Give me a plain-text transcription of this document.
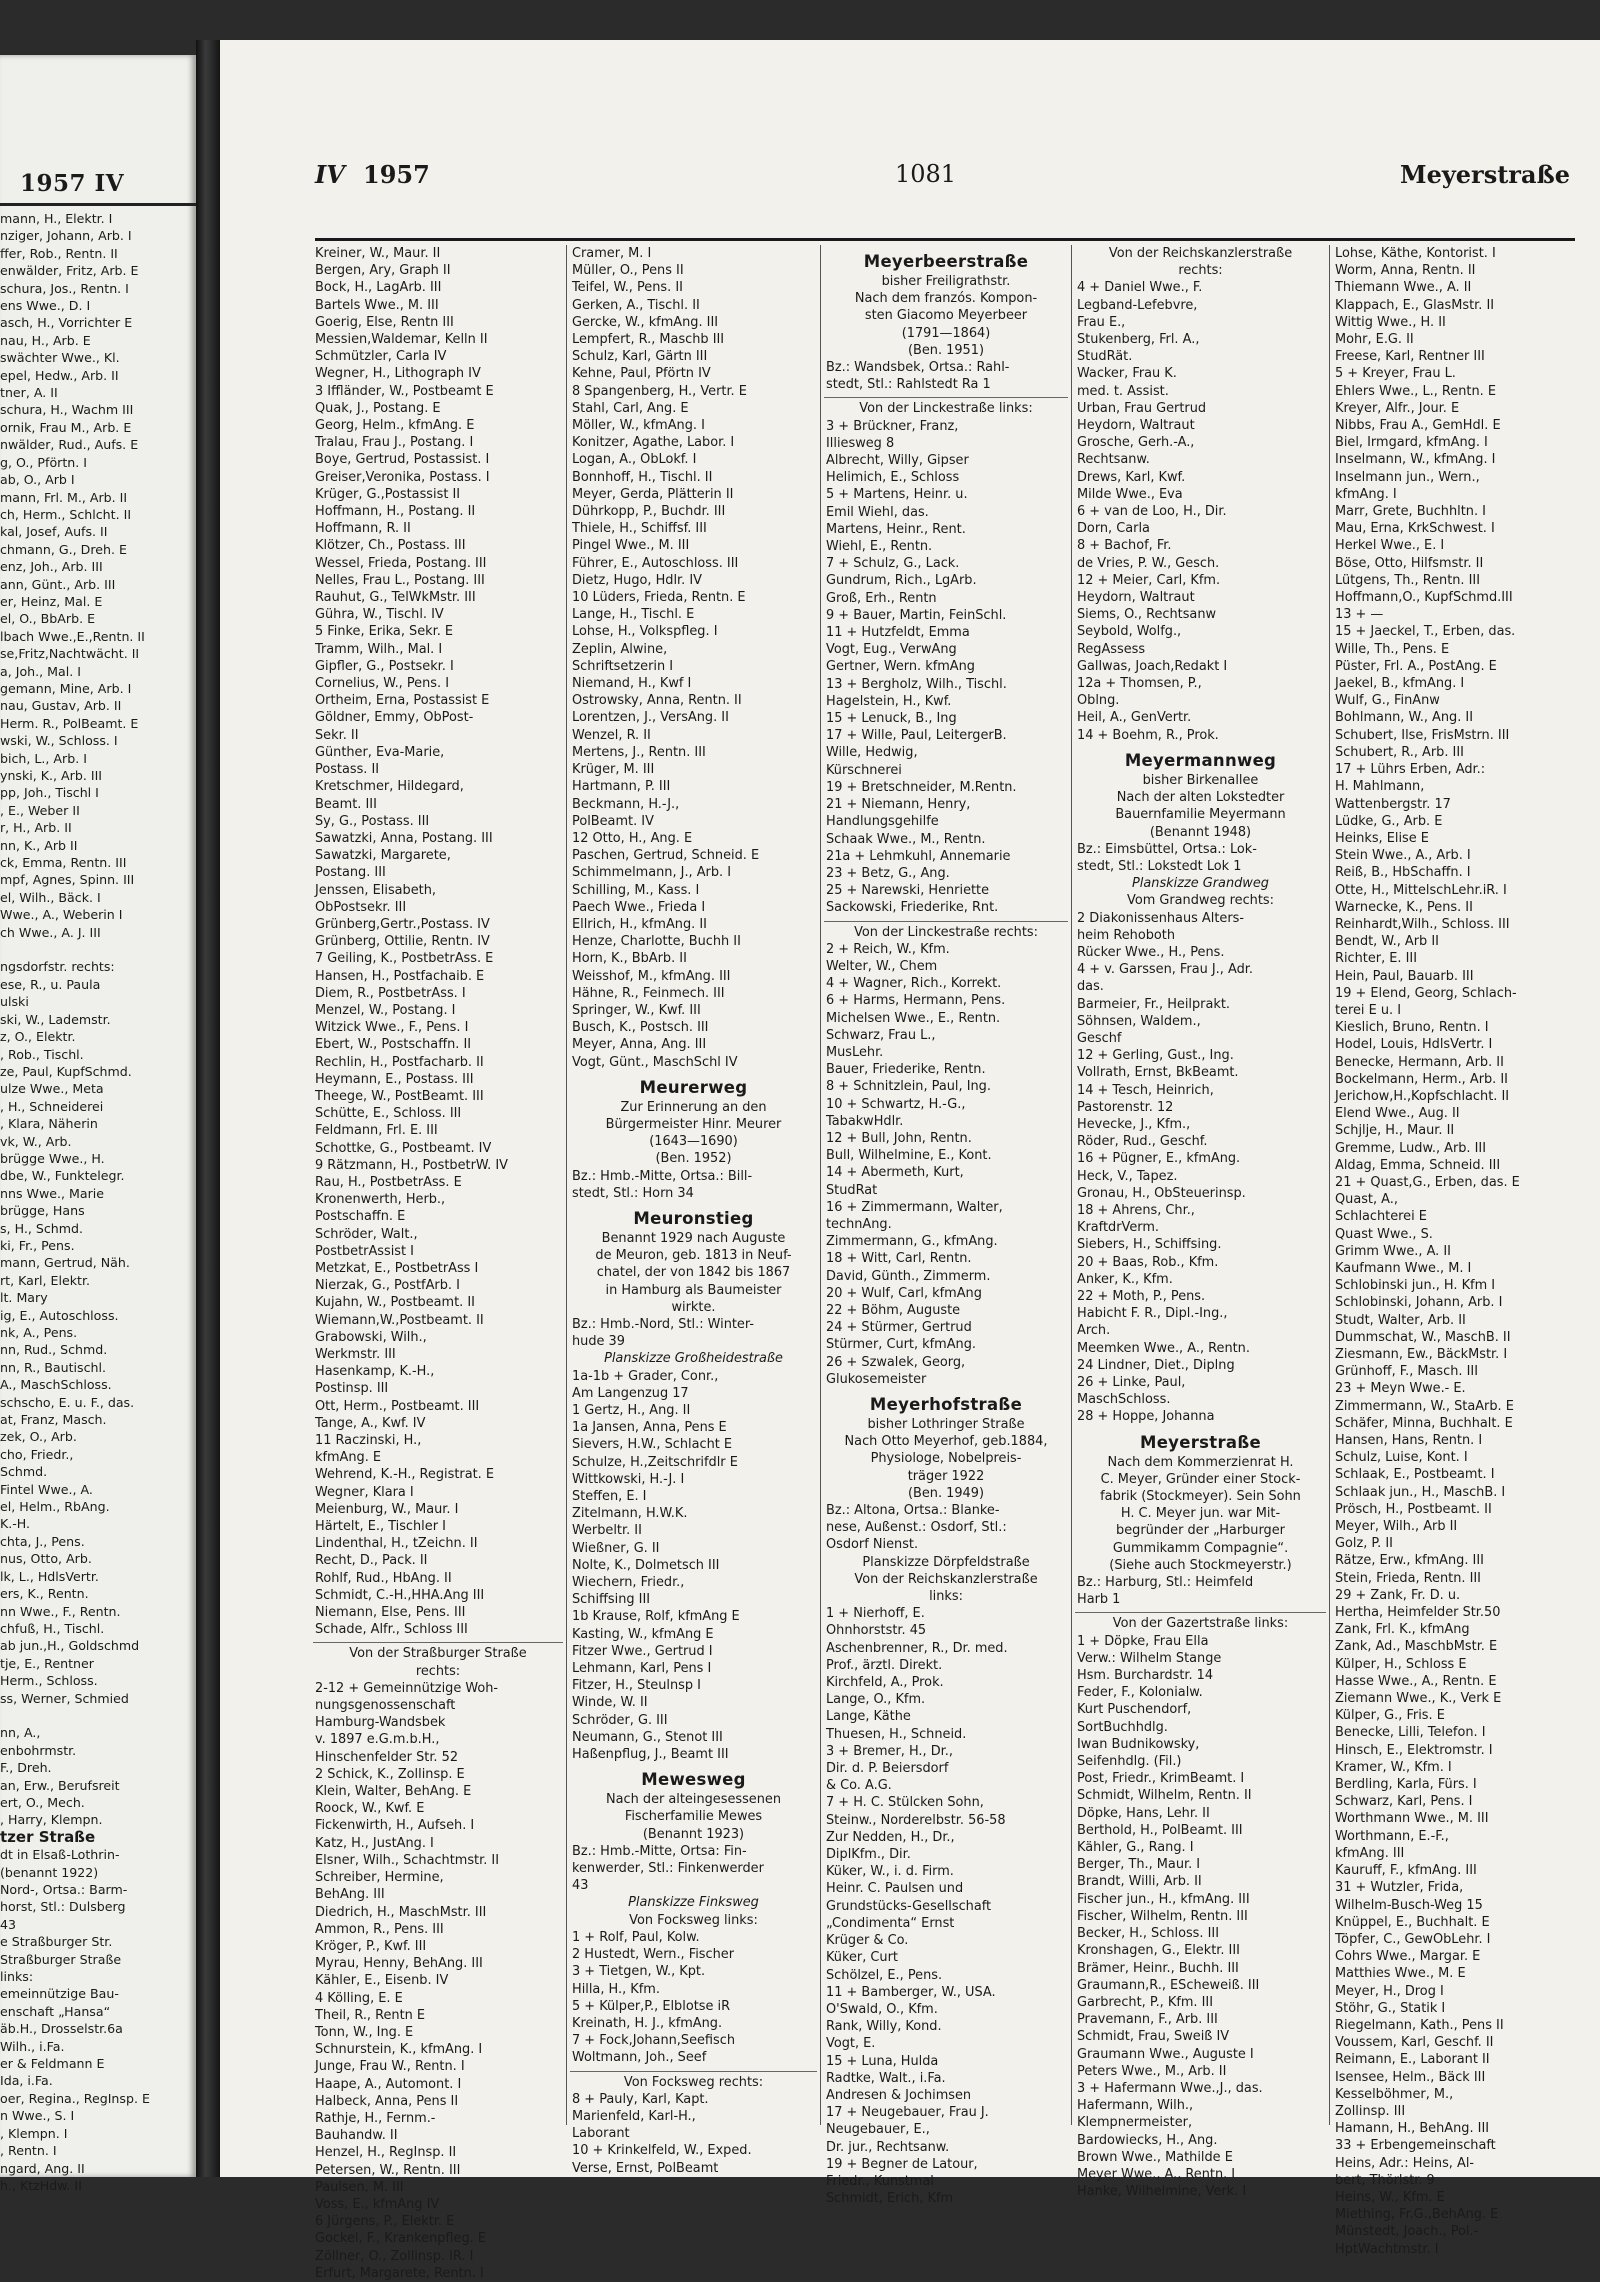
1957 IV
mann, H., Elektr. I
nziger, Johann, Arb. I
ffer, Rob., Rentn. II
enwälder, Fritz, Arb. E
schura, Jos., Rentn. I
ens Wwe., D. I
asch, H., Vorrichter E
nau, H., Arb. E
swächter Wwe., Kl.
epel, Hedw., Arb. II
tner, A. II
schura, H., Wachm III
ornik, Frau M., Arb. E
nwälder, Rud., Aufs. E
g, O., Pförtn. I
ab, O., Arb I
mann, Frl. M., Arb. II
ch, Herm., Schlcht. II
kal, Josef, Aufs. II
chmann, G., Dreh. E
enz, Joh., Arb. III
ann, Günt., Arb. III
er, Heinz, Mal. E
el, O., BbArb. E
lbach Wwe.,E.,Rentn. II
se,Fritz,Nachtwächt. II
a, Joh., Mal. I
gemann, Mine, Arb. I
nau, Gustav, Arb. II
Herm. R., PolBeamt. E
wski, W., Schloss. I
bich, L., Arb. I
ynski, K., Arb. III
pp, Joh., Tischl I
, E., Weber II
r, H., Arb. II
nn, K., Arb II
ck, Emma, Rentn. III
mpf, Agnes, Spinn. III
el, Wilh., Bäck. I
Wwe., A., Weberin I
ch Wwe., A. J. III

ngsdorfstr. rechts:
ese, R., u. Paula
ulski
ski, W., Lademstr.
z, O., Elektr.
, Rob., Tischl.
ze, Paul, KupfSchmd.
ulze Wwe., Meta
, H., Schneiderei
, Klara, Näherin
vk, W., Arb.
brügge Wwe., H.
dbe, W., Funktelegr.
nns Wwe., Marie
brügge, Hans
s, H., Schmd.
ki, Fr., Pens.
mann, Gertrud, Näh.
rt, Karl, Elektr.
lt. Mary
ig, E., Autoschloss.
nk, A., Pens.
nn, Rud., Schmd.
nn, R., Bautischl.
A., MaschSchloss.
schscho, E. u. F., das.
at, Franz, Masch.
zek, O., Arb.
cho, Friedr.,
Schmd.
Fintel Wwe., A.
el, Helm., RbAng.
K.-H.
chta, J., Pens.
nus, Otto, Arb.
lk, L., HdlsVertr.
ers, K., Rentn.
nn Wwe., F., Rentn.
chfuß, H., Tischl.
ab jun.,H., Goldschmd
tje, E., Rentner
Herm., Schloss.
ss, Werner, Schmied

nn, A.,
enbohrmstr.
F., Dreh.
an, Erw., Berufsreit
ert, O., Mech.
, Harry, Klempn.
tzer Straße
dt in Elsaß-Lothrin-
(benannt 1922)
Nord-, Ortsa.: Barm-
horst, Stl.: Dulsberg
43
e Straßburger Str.
Straßburger Straße
links:
emeinnützige Bau-
enschaft „Hansa“
äb.H., Drosselstr.6a
Wilh., i.Fa.
er & Feldmann E
Ida, i.Fa.
oer, Regina., RegInsp. E
n Wwe., S. I
, Klempn. I
, Rentn. I
ngard, Ang. II
h., KtzHdw. II
IV 1957	1081	Meyerstraße
Kreiner, W., Maur. II
Bergen, Ary, Graph II
Bock, H., LagArb. III
Bartels Wwe., M. III
Goerig, Else, Rentn III
Messien,Waldemar, Kelln II
Schmützler, Carla IV
Wegner, H., Lithograph IV
3 Iffländer, W., Postbeamt E
Quak, J., Postang. E
Georg, Helm., kfmAng. E
Tralau, Frau J., Postang. I
Boye, Gertrud, Postassist. I
Greiser,Veronika, Postass. I
Krüger, G.,Postassist II
Hoffmann, H., Postang. II
Hoffmann, R. II
Klötzer, Ch., Postass. III
Wessel, Frieda, Postang. III
Nelles, Frau L., Postang. III
Rauhut, G., TelWkMstr. III
Gühra, W., Tischl. IV
5 Finke, Erika, Sekr. E
Tramm, Wilh., Mal. I
Gipfler, G., Postsekr. I
Cornelius, W., Pens. I
Ortheim, Erna, Postassist E
Göldner, Emmy, ObPost-
Sekr. II
Günther, Eva-Marie,
Postass. II
Kretschmer, Hildegard,
Beamt. III
Sy, G., Postass. III
Sawatzki, Anna, Postang. III
Sawatzki, Margarete,
Postang. III
Jenssen, Elisabeth,
ObPostsekr. III
Grünberg,Gertr.,Postass. IV
Grünberg, Ottilie, Rentn. IV
7 Geiling, K., PostbetrAss. E
Hansen, H., Postfachaib. E
Diem, R., PostbetrAss. I
Menzel, W., Postang. I
Witzick Wwe., F., Pens. I
Ebert, W., Postschaffn. II
Rechlin, H., Postfacharb. II
Heymann, E., Postass. III
Theege, W., PostBeamt. III
Schütte, E., Schloss. III
Feldmann, Frl. E. III
Schottke, G., Postbeamt. IV
9 Rätzmann, H., PostbetrW. IV
Rau, H., PostbetrAss. E
Kronenwerth, Herb.,
Postschaffn. E
Schröder, Walt.,
PostbetrAssist I
Metzkat, E., PostbetrAss I
Nierzak, G., PostfArb. I
Kujahn, W., Postbeamt. II
Wiemann,W.,Postbeamt. II
Grabowski, Wilh.,
Werkmstr. III
Hasenkamp, K.-H.,
Postinsp. III
Ott, Herm., Postbeamt. III
Tange, A., Kwf. IV
11 Raczinski, H.,
kfmAng. E
Wehrend, K.-H., Registrat. E
Wegner, Klara I
Meienburg, W., Maur. I
Härtelt, E., Tischler I
Lindenthal, H., tZeichn. II
Recht, D., Pack. II
Rohlf, Rud., HbAng. II
Schmidt, C.-H.,HHA.Ang III
Niemann, Else, Pens. III
Schade, Alfr., Schloss III
Von der Straßburger Straße
rechts:
2-12 + Gemeinnützige Woh-
nungsgenossenschaft
Hamburg-Wandsbek
v. 1897 e.G.m.b.H.,
Hinschenfelder Str. 52
2 Schick, K., Zollinsp. E
Klein, Walter, BehAng. E
Roock, W., Kwf. E
Fickenwirth, H., Aufseh. I
Katz, H., JustAng. I
Elsner, Wilh., Schachtmstr. II
Schreiber, Hermine,
BehAng. III
Diedrich, H., MaschMstr. III
Ammon, R., Pens. III
Kröger, P., Kwf. III
Myrau, Henny, BehAng. III
Kähler, E., Eisenb. IV
4 Kölling, E. E
Theil, R., Rentn E
Tonn, W., Ing. E
Schnurstein, K., kfmAng. I
Junge, Frau W., Rentn. I
Haape, A., Automont. I
Halbeck, Anna, Pens II
Rathje, H., Fernm.-
Bauhandw. II
Henzel, H., RegInsp. II
Petersen, W., Rentn. III
Paulsen, M. III
Voss, E., kfmAng IV
6 Jürgens, P., Elektr. E
Gockel, F., Krankenpfleg. E
Zöllner, O., Zollinsp. IR. I
Erfurt, Margarete, Rentn. I
Cramer, M. I
Müller, O., Pens II
Teifel, W., Pens. II
Gerken, A., Tischl. II
Gercke, W., kfmAng. III
Lempfert, R., Maschb III
Schulz, Karl, Gärtn III
Kehne, Paul, Pförtn IV
8 Spangenberg, H., Vertr. E
Stahl, Carl, Ang. E
Möller, W., kfmAng. I
Konitzer, Agathe, Labor. I
Logan, A., ObLokf. I
Bonnhoff, H., Tischl. II
Meyer, Gerda, Plätterin II
Dührkopp, P., Buchdr. III
Thiele, H., Schiffsf. III
Pingel Wwe., M. III
Führer, E., Autoschloss. III
Dietz, Hugo, Hdlr. IV
10 Lüders, Frieda, Rentn. E
Lange, H., Tischl. E
Lohse, H., Volkspfleg. I
Zeplin, Alwine,
Schriftsetzerin I
Niemand, H., Kwf I
Ostrowsky, Anna, Rentn. II
Lorentzen, J., VersAng. II
Wenzel, R. II
Mertens, J., Rentn. III
Krüger, M. III
Hartmann, P. III
Beckmann, H.-J.,
PolBeamt. IV
12 Otto, H., Ang. E
Paschen, Gertrud, Schneid. E
Schimmelmann, J., Arb. I
Schilling, M., Kass. I
Paech Wwe., Frieda I
Ellrich, H., kfmAng. II
Henze, Charlotte, Buchh II
Horn, K., BbArb. II
Weisshof, M., kfmAng. III
Hähne, R., Feinmech. III
Springer, W., Kwf. III
Busch, K., Postsch. III
Meyer, Anna, Ang. III
Vogt, Günt., MaschSchl IV
Meurerweg
Zur Erinnerung an den
Bürgermeister Hinr. Meurer
(1643—1690)
(Ben. 1952)
Bz.: Hmb.-Mitte, Ortsa.: Bill-
stedt, Stl.: Horn 34
Meuronstieg
Benannt 1929 nach Auguste
de Meuron, geb. 1813 in Neuf-
chatel, der von 1842 bis 1867
in Hamburg als Baumeister
wirkte.
Bz.: Hmb.-Nord, Stl.: Winter-
hude 39
Planskizze Großheidestraße
1a-1b + Grader, Conr.,
Am Langenzug 17
1 Gertz, H., Ang. II
1a Jansen, Anna, Pens E
Sievers, H.W., Schlacht E
Schulze, H.,Zeitschrifdlr E
Wittkowski, H.-J. I
Steffen, E. I
Zitelmann, H.W.K.
Werbeltr. II
Wießner, G. II
Nolte, K., Dolmetsch III
Wiechern, Friedr.,
Schiffsing III
1b Krause, Rolf, kfmAng E
Kasting, W., kfmAng E
Fitzer Wwe., Gertrud I
Lehmann, Karl, Pens I
Fitzer, H., Steulnsp I
Winde, W. II
Schröder, G. III
Neumann, G., Stenot III
Haßenpflug, J., Beamt III
Mewesweg
Nach der alteingesessenen
Fischerfamilie Mewes
(Benannt 1923)
Bz.: Hmb.-Mitte, Ortsa: Fin-
kenwerder, Stl.: Finkenwerder
43
Planskizze Finksweg
Von Focksweg links:
1 + Rolf, Paul, Kolw.
2 Hustedt, Wern., Fischer
3 + Tietgen, W., Kpt.
Hilla, H., Kfm.
5 + Külper,P., Elblotse iR
Kreinath, H. J., kfmAng.
7 + Fock,Johann,Seefisch
Woltmann, Joh., Seef
Von Focksweg rechts:
8 + Pauly, Karl, Kapt.
Marienfeld, Karl-H.,
Laborant
10 + Krinkelfeld, W., Exped.
Verse, Ernst, PolBeamt
Meyerbeerstraße
bisher Freiligrathstr.
Nach dem franzós. Kompon-
sten Giacomo Meyerbeer
(1791—1864)
(Ben. 1951)
Bz.: Wandsbek, Ortsa.: Rahl-
stedt, Stl.: Rahlstedt Ra 1
Von der Linckestraße links:
3 + Brückner, Franz,
Illiesweg 8
Albrecht, Willy, Gipser
Helimich, E., Schloss
5 + Martens, Heinr. u.
Emil Wiehl, das.
Martens, Heinr., Rent.
Wiehl, E., Rentn.
7 + Schulz, G., Lack.
Gundrum, Rich., LgArb.
Groß, Erh., Rentn
9 + Bauer, Martin, FeinSchl.
11 + Hutzfeldt, Emma
Vogt, Eug., VerwAng
Gertner, Wern. kfmAng
13 + Bergholz, Wilh., Tischl.
Hagelstein, H., Kwf.
15 + Lenuck, B., Ing
17 + Wille, Paul, LeitergerB.
Wille, Hedwig,
Kürschnerei
19 + Bretschneider, M.Rentn.
21 + Niemann, Henry,
Handlungsgehilfe
Schaak Wwe., M., Rentn.
21a + Lehmkuhl, Annemarie
23 + Betz, G., Ang.
25 + Narewski, Henriette
Sackowski, Friederike, Rnt.
Von der Linckestraße rechts:
2 + Reich, W., Kfm.
Welter, W., Chem
4 + Wagner, Rich., Korrekt.
6 + Harms, Hermann, Pens.
Michelsen Wwe., E., Rentn.
Schwarz, Frau L.,
MusLehr.
Bauer, Friederike, Rentn.
8 + Schnitzlein, Paul, Ing.
10 + Schwartz, H.-G.,
TabakwHdlr.
12 + Bull, John, Rentn.
Bull, Wilhelmine, E., Kont.
14 + Abermeth, Kurt,
StudRat
16 + Zimmermann, Walter,
technAng.
Zimmermann, G., kfmAng.
18 + Witt, Carl, Rentn.
David, Günth., Zimmerm.
20 + Wulf, Carl, kfmAng
22 + Böhm, Auguste
24 + Stürmer, Gertrud
Stürmer, Curt, kfmAng.
26 + Szwalek, Georg,
Glukosemeister
Meyerhofstraße
bisher Lothringer Straße
Nach Otto Meyerhof, geb.1884,
Physiologe, Nobelpreis-
träger 1922
(Ben. 1949)
Bz.: Altona, Ortsa.: Blanke-
nese, Außenst.: Osdorf, Stl.:
Osdorf Nienst.
Planskizze Dörpfeldstraße
Von der Reichskanzlerstraße
links:
1 + Nierhoff, E.
Ohnhorststr. 45
Aschenbrenner, R., Dr. med.
Prof., ärztl. Direkt.
Kirchfeld, A., Prok.
Lange, O., Kfm.
Lange, Käthe
Thuesen, H., Schneid.
3 + Bremer, H., Dr.,
Dir. d. P. Beiersdorf
& Co. A.G.
7 + H. C. Stülcken Sohn,
Steinw., Norderelbstr. 56-58
Zur Nedden, H., Dr.,
DiplKfm., Dir.
Küker, W., i. d. Firm.
Heinr. C. Paulsen und
Grundstücks-Gesellschaft
„Condimenta“ Ernst
Krüger & Co.
Küker, Curt
Schölzel, E., Pens.
11 + Bamberger, W., USA.
O'Swald, O., Kfm.
Rank, Willy, Kond.
Vogt, E.
15 + Luna, Hulda
Radtke, Walt., i.Fa.
Andresen & Jochimsen
17 + Neugebauer, Frau J.
Neugebauer, E.,
Dr. jur., Rechtsanw.
19 + Begner de Latour,
Friedr., Kunstmal
Schmidt, Erich, Kfm
Von der Reichskanzlerstraße
rechts:
4 + Daniel Wwe., F.
Legband-Lefebvre,
Frau E.,
Stukenberg, Frl. A.,
StudRät.
Wacker, Frau K.
med. t. Assist.
Urban, Frau Gertrud
Heydorn, Waltraut
Grosche, Gerh.-A.,
Rechtsanw.
Drews, Karl, Kwf.
Milde Wwe., Eva
6 + van de Loo, H., Dir.
Dorn, Carla
8 + Bachof, Fr.
de Vries, P. W., Gesch.
12 + Meier, Carl, Kfm.
Heydorn, Waltraut
Siems, O., Rechtsanw
Seybold, Wolfg.,
RegAssess
Gallwas, Joach,Redakt I
12a + Thomsen, P.,
Oblng.
Heil, A., GenVertr.
14 + Boehm, R., Prok.
Meyermannweg
bisher Birkenallee
Nach der alten Lokstedter
Bauernfamilie Meyermann
(Benannt 1948)
Bz.: Eimsbüttel, Ortsa.: Lok-
stedt, Stl.: Lokstedt Lok 1
Planskizze Grandweg
Vom Grandweg rechts:
2 Diakonissenhaus Alters-
heim Rehoboth
Rücker Wwe., H., Pens.
4 + v. Garssen, Frau J., Adr.
das.
Barmeier, Fr., Heilprakt.
Söhnsen, Waldem.,
Geschf
12 + Gerling, Gust., Ing.
Vollrath, Ernst, BkBeamt.
14 + Tesch, Heinrich,
Pastorenstr. 12
Hevecke, J., Kfm.,
Röder, Rud., Geschf.
16 + Pügner, E., kfmAng.
Heck, V., Tapez.
Gronau, H., ObSteuerinsp.
18 + Ahrens, Chr.,
KraftdrVerm.
Siebers, H., Schiffsing.
20 + Baas, Rob., Kfm.
Anker, K., Kfm.
22 + Moth, P., Pens.
Habicht F. R., Dipl.-Ing.,
Arch.
Meemken Wwe., A., Rentn.
24 Lindner, Diet., Diplng
26 + Linke, Paul,
MaschSchloss.
28 + Hoppe, Johanna
Meyerstraße
Nach dem Kommerzienrat H.
C. Meyer, Gründer einer Stock-
fabrik (Stockmeyer). Sein Sohn
H. C. Meyer jun. war Mit-
begründer der „Harburger
Gummikamm Compagnie“.
(Siehe auch Stockmeyerstr.)
Bz.: Harburg, Stl.: Heimfeld
Harb 1
Von der Gazertstraße links:
1 + Döpke, Frau Ella
Verw.: Wilhelm Stange
Hsm. Burchardstr. 14
Feder, F., Kolonialw.
Kurt Puschendorf,
SortBuchhdlg.
Iwan Budnikowsky,
Seifenhdlg. (Fil.)
Post, Friedr., KrimBeamt. I
Schmidt, Wilhelm, Rentn. II
Döpke, Hans, Lehr. II
Berthold, H., PolBeamt. III
Kähler, G., Rang. I
Berger, Th., Maur. I
Brandt, Willi, Arb. II
Fischer jun., H., kfmAng. III
Fischer, Wilhelm, Rentn. III
Becker, H., Schloss. III
Kronshagen, G., Elektr. III
Brämer, Heinr., Buchh. III
Graumann,R., EScheweiß. III
Garbrecht, P., Kfm. III
Pravemann, F., Arb. III
Schmidt, Frau, Sweiß IV
Graumann Wwe., Auguste I
Peters Wwe., M., Arb. II
3 + Hafermann Wwe.,J., das.
Hafermann, Wilh.,
Klempnermeister,
Bardowiecks, H., Ang.
Brown Wwe., Mathilde E
Meyer Wwe., A., Rentn. I
Hanke, Wilhelmine, Verk. I
Lohse, Käthe, Kontorist. I
Worm, Anna, Rentn. II
Thiemann Wwe., A. II
Klappach, E., GlasMstr. II
Wittig Wwe., H. II
Mohr, E.G. II
Freese, Karl, Rentner III
5 + Kreyer, Frau L.
Ehlers Wwe., L., Rentn. E
Kreyer, Alfr., Jour. E
Nibbs, Frau A., GemHdl. E
Biel, Irmgard, kfmAng. I
Inselmann, W., kfmAng. I
Inselmann jun., Wern.,
kfmAng. I
Marr, Grete, Buchhltn. I
Mau, Erna, KrkSchwest. I
Herkel Wwe., E. I
Böse, Otto, Hilfsmstr. II
Lütgens, Th., Rentn. III
Hoffmann,O., KupfSchmd.III
13 + —
15 + Jaeckel, T., Erben, das.
Wille, Th., Pens. E
Püster, Frl. A., PostAng. E
Jaekel, B., kfmAng. I
Wulf, G., FinAnw
Bohlmann, W., Ang. II
Schubert, Ilse, FrisMstrn. III
Schubert, R., Arb. III
17 + Lührs Erben, Adr.:
H. Mahlmann,
Wattenbergstr. 17
Lüdke, G., Arb. E
Heinks, Elise E
Stein Wwe., A., Arb. I
Reiß, B., HbSchaffn. I
Otte, H., MittelschLehr.iR. I
Warnecke, K., Pens. II
Reinhardt,Wilh., Schloss. III
Bendt, W., Arb II
Richter, E. III
Hein, Paul, Bauarb. III
19 + Elend, Georg, Schlach-
terei E u. I
Kieslich, Bruno, Rentn. I
Hodel, Louis, HdlsVertr. I
Benecke, Hermann, Arb. II
Bockelmann, Herm., Arb. II
Jerichow,H.,Kopfschlacht. II
Elend Wwe., Aug. II
Schjlje, H., Maur. II
Gremme, Ludw., Arb. III
Aldag, Emma, Schneid. III
21 + Quast,G., Erben, das. E
Quast, A.,
Schlachterei E
Quast Wwe., S.
Grimm Wwe., A. II
Kaufmann Wwe., M. I
Schlobinski jun., H. Kfm I
Schlobinski, Johann, Arb. I
Studt, Walter, Arb. II
Dummschat, W., MaschB. II
Ziesmann, Ew., BäckMstr. I
Grünhoff, F., Masch. III
23 + Meyn Wwe.- E.
Zimmermann, W., StaArb. E
Schäfer, Minna, Buchhalt. E
Hansen, Hans, Rentn. I
Schulz, Luise, Kont. I
Schlaak, E., Postbeamt. I
Schlaak jun., H., MaschB. I
Prösch, H., Postbeamt. II
Meyer, Wilh., Arb II
Golz, P. II
Rätze, Erw., kfmAng. III
Stein, Frieda, Rentn. III
29 + Zank, Fr. D. u.
Hertha, Heimfelder Str.50
Zank, Frl. K., kfmAng
Zank, Ad., MaschbMstr. E
Külper, H., Schloss E
Hasse Wwe., A., Rentn. E
Ziemann Wwe., K., Verk E
Külper, G., Fris. E
Benecke, Lilli, Telefon. I
Hinsch, E., Elektromstr. I
Kramer, W., Kfm. I
Berdling, Karla, Fürs. I
Schwarz, Karl, Pens. I
Worthmann Wwe., M. III
Worthmann, E.-F.,
kfmAng. III
Kauruff, F., kfmAng. III
31 + Wutzler, Frida,
Wilhelm-Busch-Weg 15
Knüppel, E., Buchhalt. E
Töpfer, C., GewObLehr. I
Cohrs Wwe., Margar. E
Matthies Wwe., M. E
Meyer, H., Drog I
Stöhr, G., Statik I
Riegelmann, Kath., Pens II
Voussem, Karl, Geschf. II
Reimann, E., Laborant II
Isensee, Helm., Bäck III
Kesselböhmer, M.,
Zollinsp. III
Hamann, H., BehAng. III
33 + Erbengemeinschaft
Heins, Adr.: Heins, Al-
bert, Thörlstr. 9
Heins, W., Kfm. E
Miething, Fr.G.,BehAng. E
Münstedt, Joach., Pol.-
HptWachtmstr. I
